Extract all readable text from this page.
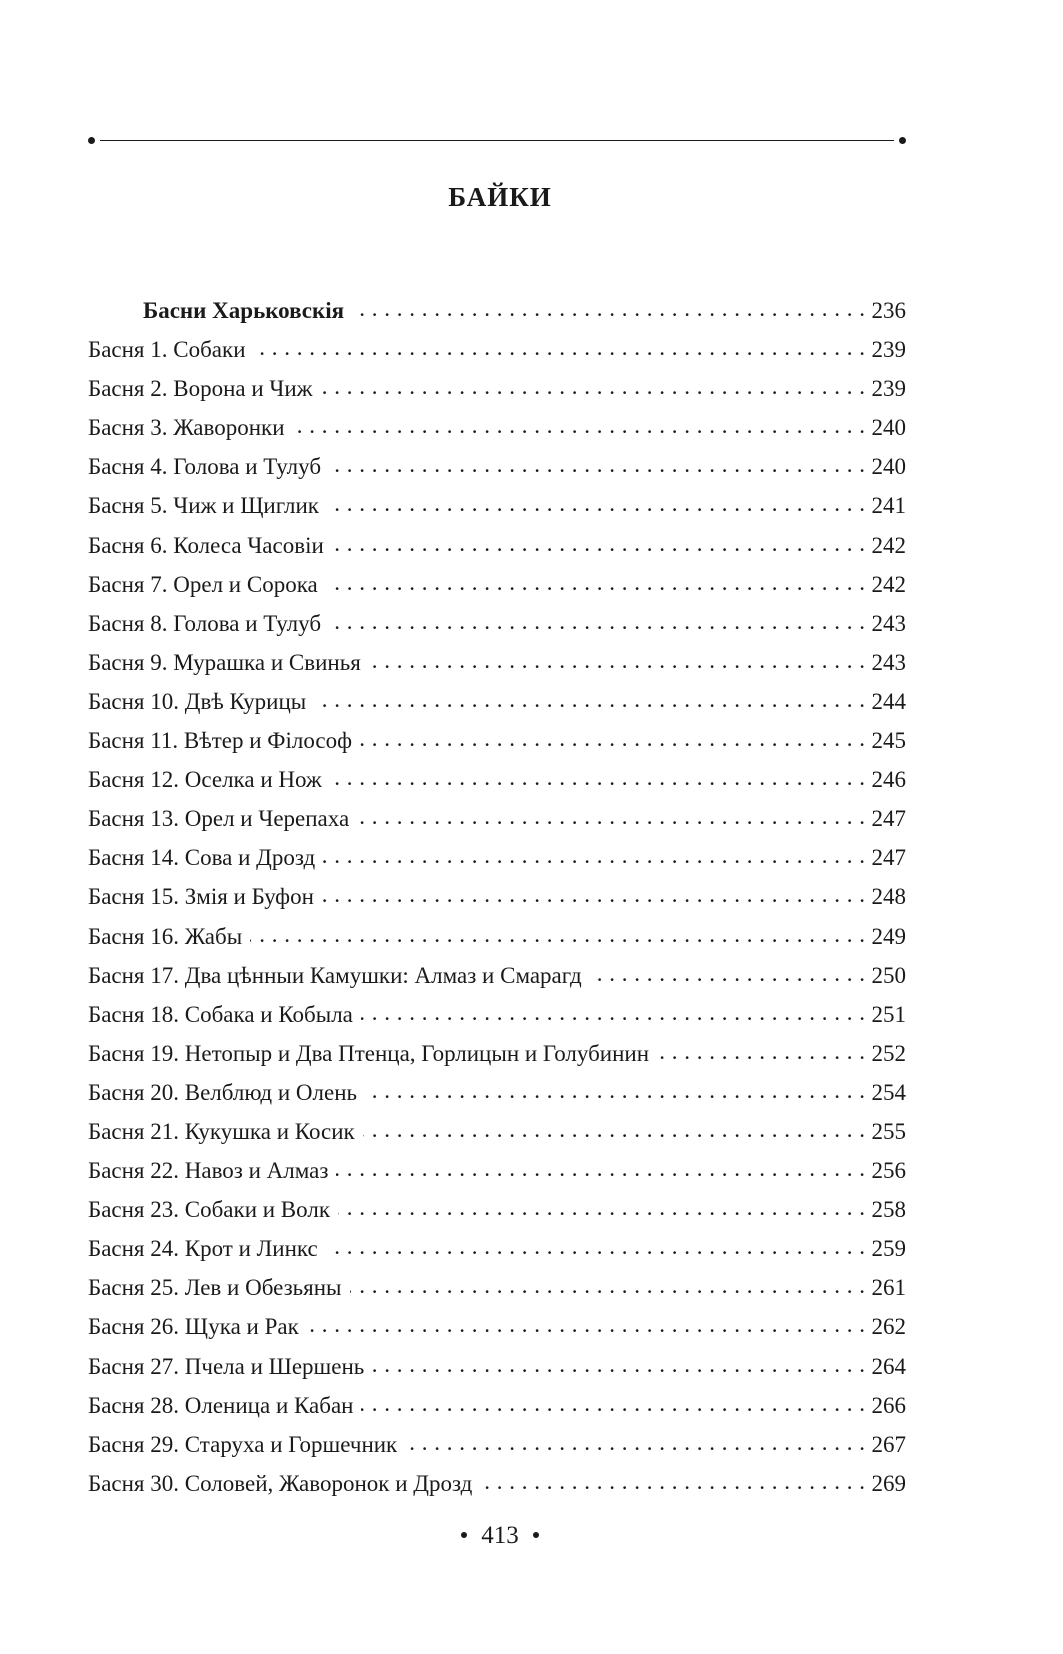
БАЙКИ
Басни Харьковскія . . .	236
Басня 1. Собаки . . .	239
Басня 2. Ворона и Чиж . . .	239
Басня 3. Жаворонки . . .	240
Басня 4. Голова и Тулуб . . .	240
Басня 5. Чиж и Щиглик . . .	241
Басня 6. Колеса Часовіи . . .	242
Басня 7. Орел и Сорока . . .	242
Басня 8. Голова и Тулуб . . .	243
Басня 9. Мурашка и Свинья . . .	243
Басня 10. Двѣ Курицы . . .	244
Басня 11. Вѣтер и Філософ . . .	245
Басня 12. Оселка и Нож . . .	246
Басня 13. Орел и Черепаха . . .	247
Басня 14. Сова и Дрозд . . .	247
Басня 15. Змія и Буфон . . .	248
Басня 16. Жабы . . .	249
Басня 17. Два цѣнныи Камушки: Алмаз и Смарагд . . .	250
Басня 18. Собака и Кобыла . . .	251
Басня 19. Нетопыр и Два Птенца, Горлицын и Голубинин . . .	252
Басня 20. Велблюд и Олень . . .	254
Басня 21. Кукушка и Косик . . .	255
Басня 22. Навоз и Алмаз . . .	256
Басня 23. Собаки и Волк . . .	258
Басня 24. Крот и Линкс . . .	259
Басня 25. Лев и Обезьяны . . .	261
Басня 26. Щука и Рак . . .	262
Басня 27. Пчела и Шершень . . .	264
Басня 28. Оленица и Кабан . . .	266
Басня 29. Старуха и Горшечник . . .	267
Басня 30. Соловей, Жаворонок и Дрозд . . .	269
413
